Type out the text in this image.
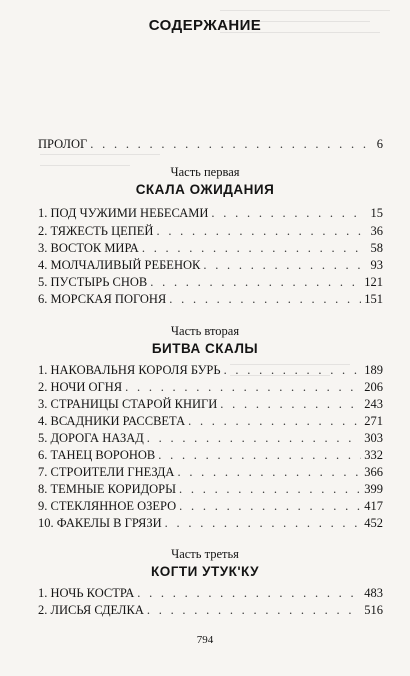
СОДЕРЖАНИЕ
ПРОЛОГ . . .	6
Часть первая
СКАЛА ОЖИДАНИЯ
1. ПОД ЧУЖИМИ НЕБЕСАМИ . . .	15
2. ТЯЖЕСТЬ ЦЕПЕЙ . . .	36
3. ВОСТОК МИРА . . .	58
4. МОЛЧАЛИВЫЙ РЕБЕНОК . . .	93
5. ПУСТЫРЬ СНОВ . . .	121
6. МОРСКАЯ ПОГОНЯ . . .	151
Часть вторая
БИТВА СКАЛЫ
1. НАКОВАЛЬНЯ КОРОЛЯ БУРЬ . . .	189
2. НОЧИ ОГНЯ . . .	206
3. СТРАНИЦЫ СТАРОЙ КНИГИ . . .	243
4. ВСАДНИКИ РАССВЕТА . . .	271
5. ДОРОГА НАЗАД . . .	303
6. ТАНЕЦ ВОРОНОВ . . .	332
7. СТРОИТЕЛИ ГНЕЗДА . . .	366
8. ТЕМНЫЕ КОРИДОРЫ . . .	399
9. СТЕКЛЯННОЕ ОЗЕРО . . .	417
10. ФАКЕЛЫ В ГРЯЗИ . . .	452
Часть третья
КОГТИ УТУК'КУ
1. НОЧЬ КОСТРА . . .	483
2. ЛИСЬЯ СДЕЛКА . . .	516
794
